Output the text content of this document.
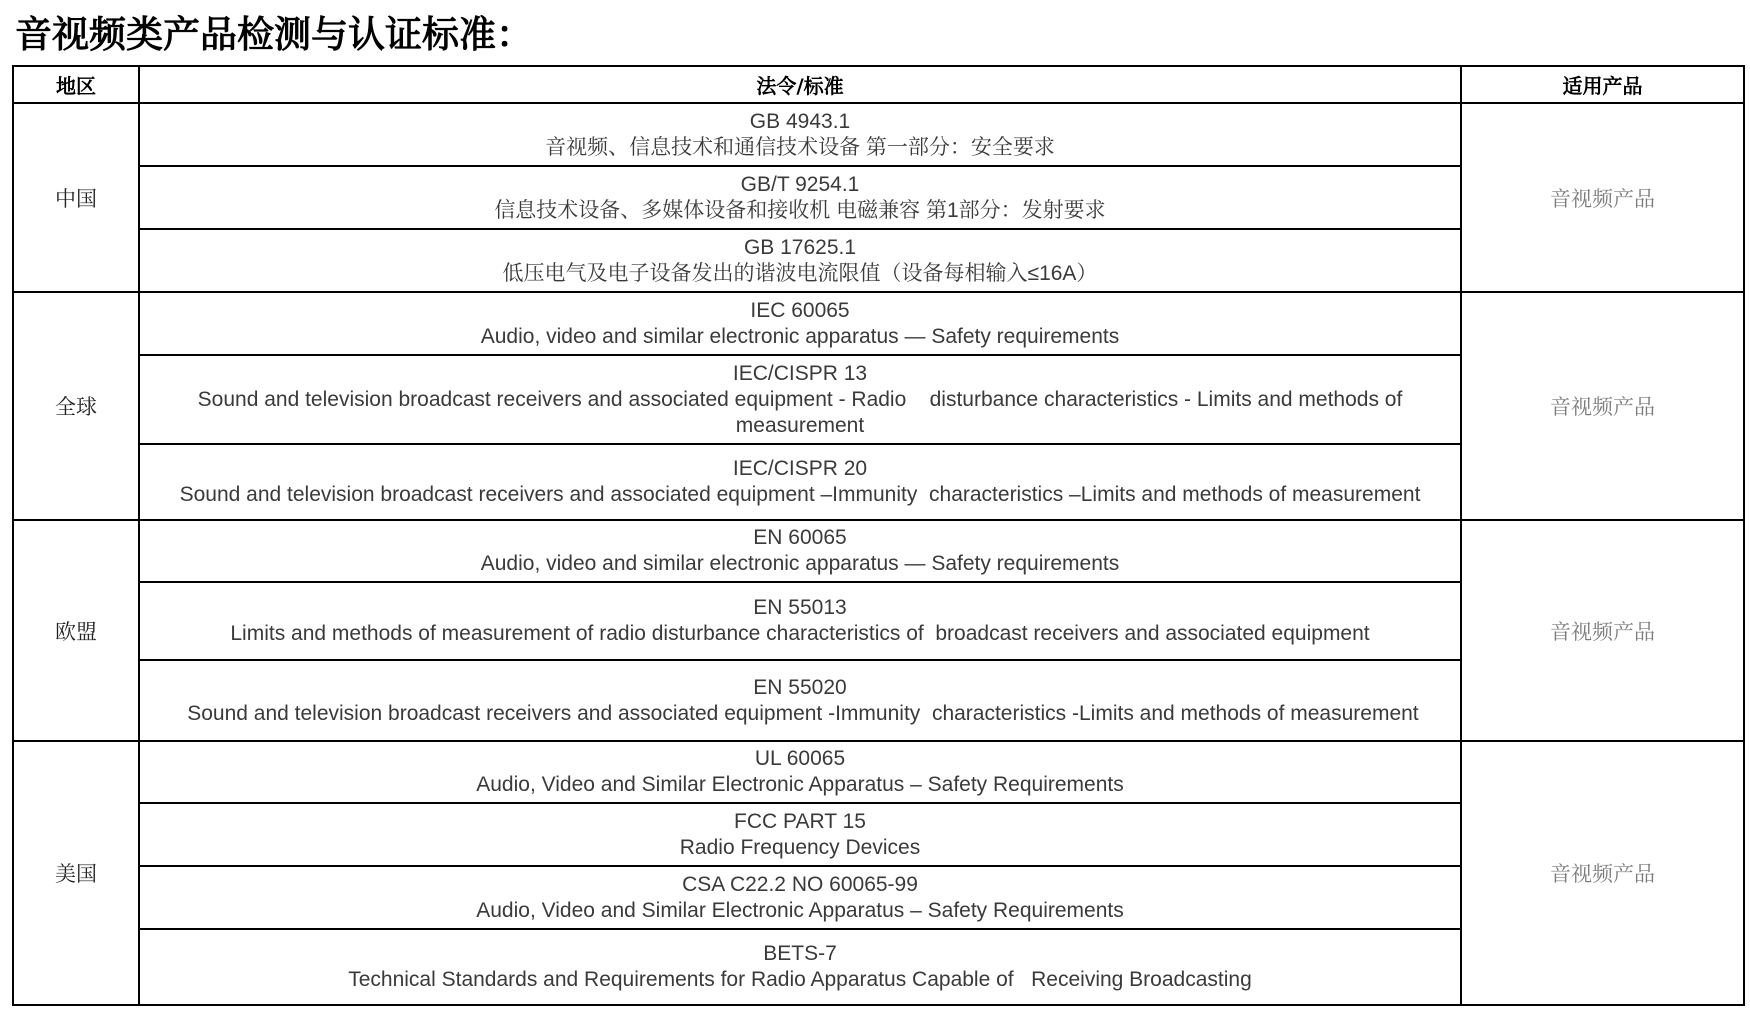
音视频类产品检测与认证标准：
地区	法令/标准	适用产品
中国	GB 4943.1
音视频、信息技术和通信技术设备 第一部分：安全要求	音视频产品

	GB/T 9254.1
信息技术设备、多媒体设备和接收机 电磁兼容 第1部分：发射要求	

	GB 17625.1
低压电气及电子设备发出的谐波电流限值（设备每相输入≤16A）	

全球	IEC 60065
Audio, video and similar electronic apparatus — Safety requirements	音视频产品

	IEC/CISPR 13
Sound and television broadcast receivers and associated equipment - Radio    disturbance characteristics - Limits and methods of measurement	

	IEC/CISPR 20
Sound and television broadcast receivers and associated equipment –Immunity  characteristics –Limits and methods of measurement	

欧盟	EN 60065
Audio, video and similar electronic apparatus — Safety requirements	音视频产品

	EN 55013
Limits and methods of measurement of radio disturbance characteristics of  broadcast receivers and associated equipment	

	EN 55020
Sound and television broadcast receivers and associated equipment -Immunity  characteristics -Limits and methods of measurement	

美国	UL 60065
Audio, Video and Similar Electronic Apparatus – Safety Requirements	音视频产品

	FCC PART 15
Radio Frequency Devices	

	CSA C22.2 NO 60065-99
Audio, Video and Similar Electronic Apparatus – Safety Requirements	

	BETS-7
Technical Standards and Requirements for Radio Apparatus Capable of   Receiving Broadcasting	
